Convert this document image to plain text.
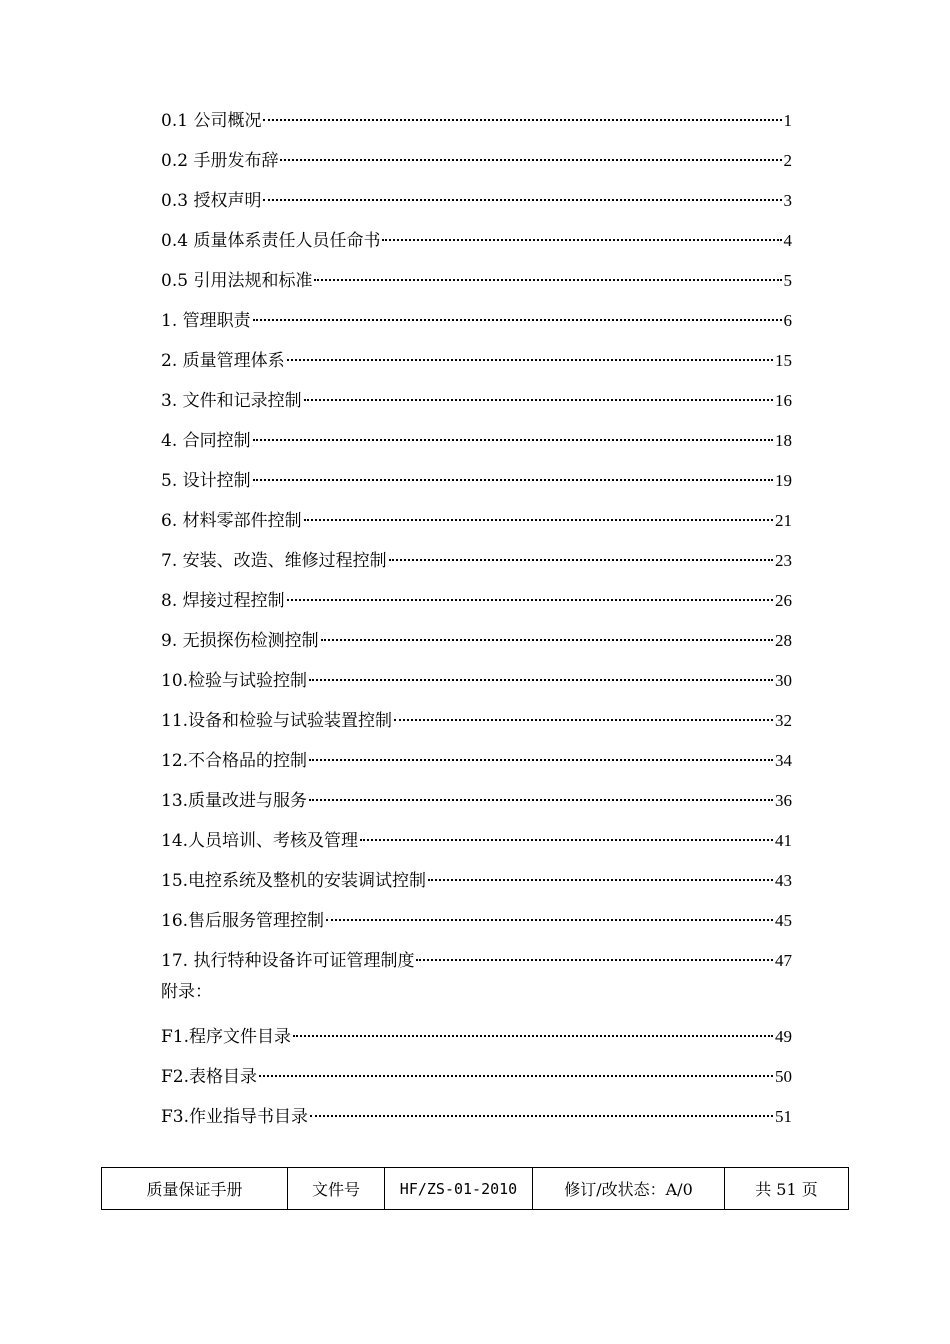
0.1 公司概况	1
0.2 手册发布辞	2
0.3 授权声明	3
0.4 质量体系责任人员任命书	4
0.5 引用法规和标准	5
1. 管理职责	6
2. 质量管理体系	15
3. 文件和记录控制	16
4. 合同控制	18
5. 设计控制	19
6. 材料零部件控制	21
7. 安装、改造、维修过程控制	23
8. 焊接过程控制	26
9. 无损探伤检测控制	28
10.检验与试验控制	30
11.设备和检验与试验装置控制	32
12.不合格品的控制	34
13.质量改进与服务	36
14.人员培训、考核及管理	41
15.电控系统及整机的安装调试控制	43
16.售后服务管理控制	45
17. 执行特种设备许可证管理制度	47
附录：
F1.程序文件目录	49
F2.表格目录	50
F3.作业指导书目录	51
质量保证手册	文件号	HF/ZS-01-2010	修订/改状态：A/0	共 51 页
